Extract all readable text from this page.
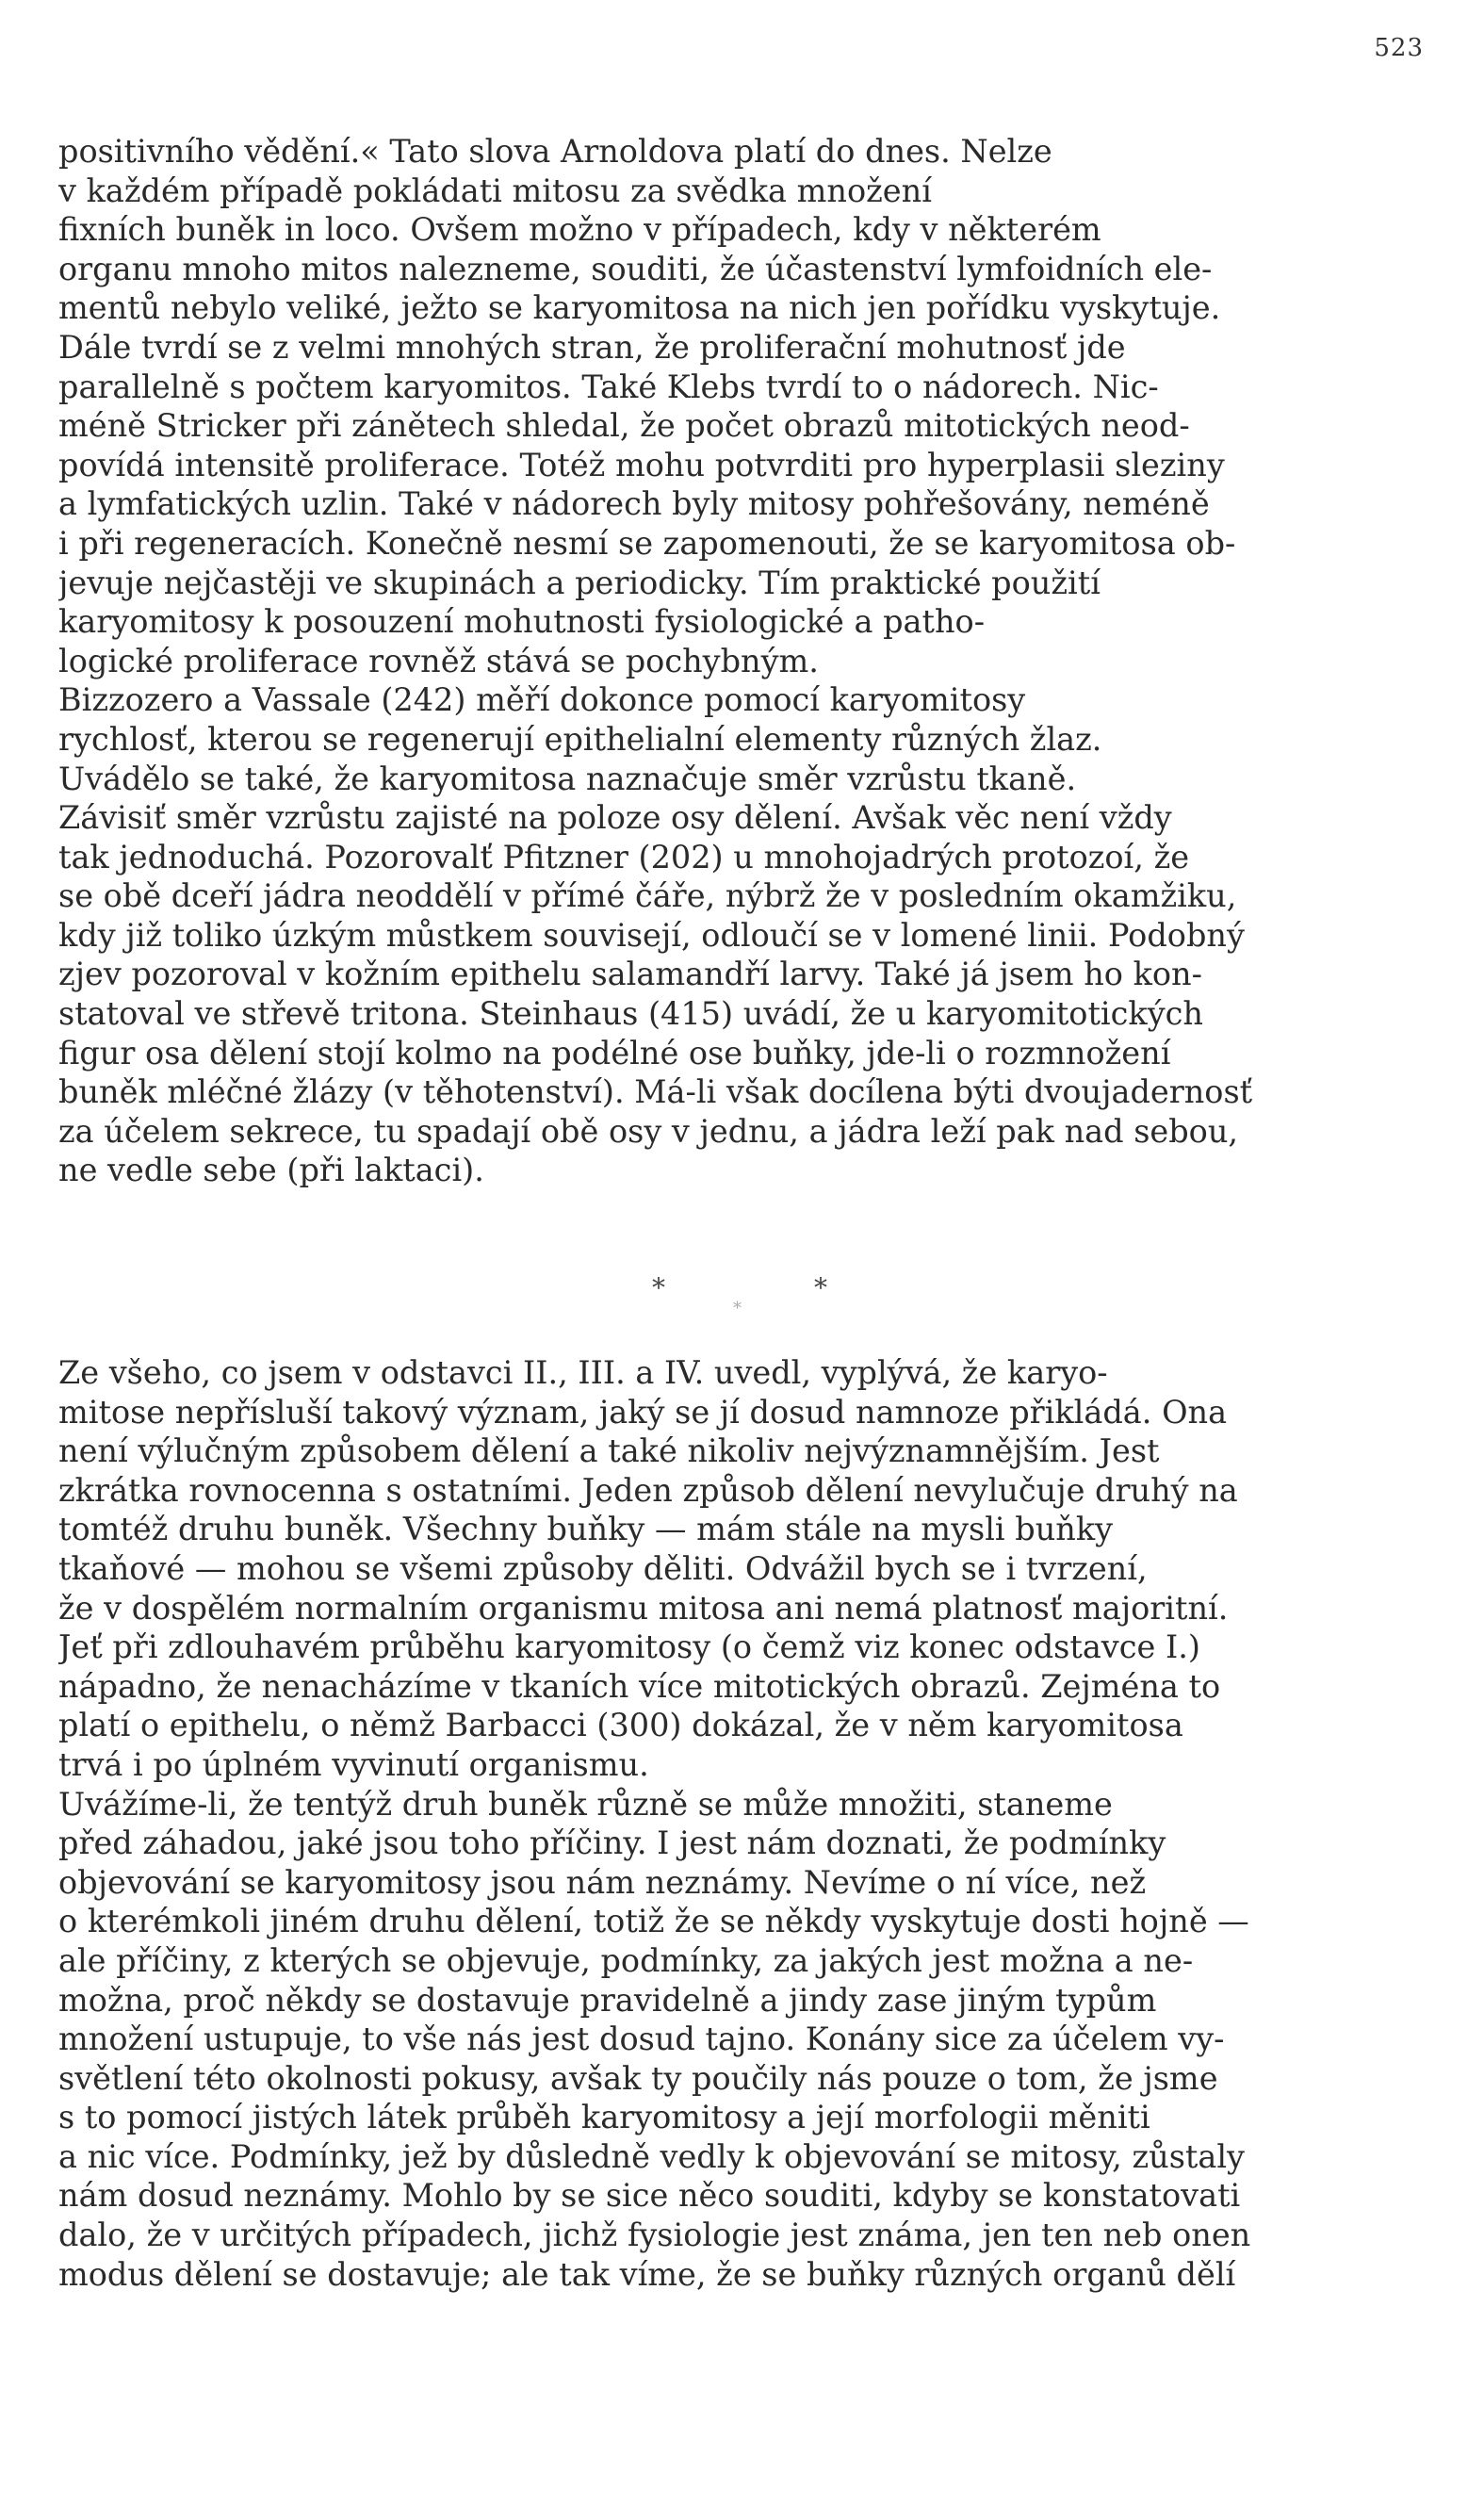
523
positivního vědění.« Tato slova Arnoldova platí do dnes. Nelze
v každém případě pokládati mitosu za svědka množení
fixních buněk in loco. Ovšem možno v případech, kdy v některém
organu mnoho mitos nalezneme, souditi, že účastenství lymfoidních ele-
mentů nebylo veliké, ježto se karyomitosa na nich jen pořídku vyskytuje.
Dále tvrdí se z velmi mnohých stran, že proliferační mohutnosť jde
parallelně s počtem karyomitos. Také Klebs tvrdí to o nádorech. Nic-
méně Stricker při zánětech shledal, že počet obrazů mitotických neod-
povídá intensitě proliferace. Totéž mohu potvrditi pro hyperplasii sleziny
a lymfatických uzlin. Také v nádorech byly mitosy pohřešovány, neméně
i při regeneracích. Konečně nesmí se zapomenouti, že se karyomitosa ob-
jevuje nejčastěji ve skupinách a periodicky. Tím praktické použití
karyomitosy k posouzení mohutnosti fysiologické a patho-
logické proliferace rovněž stává se pochybným.
Bizzozero a Vassale (242) měří dokonce pomocí karyomitosy
rychlosť, kterou se regenerují epithelialní elementy různých žlaz.
Uvádělo se také, že karyomitosa naznačuje směr vzrůstu tkaně.
Závisiť směr vzrůstu zajisté na poloze osy dělení. Avšak věc není vždy
tak jednoduchá. Pozorovalť Pfitzner (202) u mnohojadrých protozoí, že
se obě dceří jádra neoddělí v přímé čáře, nýbrž že v posledním okamžiku,
kdy již toliko úzkým můstkem souvisejí, odloučí se v lomené linii. Podobný
zjev pozoroval v kožním epithelu salamandří larvy. Také já jsem ho kon-
statoval ve střevě tritona. Steinhaus (415) uvádí, že u karyomitotických
figur osa dělení stojí kolmo na podélné ose buňky, jde-li o rozmnožení
buněk mléčné žlázy (v těhotenství). Má-li však docílena býti dvoujadernosť
za účelem sekrece, tu spadají obě osy v jednu, a jádra leží pak nad sebou,
ne vedle sebe (při laktaci).
*	*
*
Ze všeho, co jsem v odstavci II., III. a IV. uvedl, vyplývá, že karyo-
mitose nepřísluší takový význam, jaký se jí dosud namnoze přikládá. Ona
není výlučným způsobem dělení a také nikoliv nejvýznamnějším. Jest
zkrátka rovnocenna s ostatními. Jeden způsob dělení nevylučuje druhý na
tomtéž druhu buněk. Všechny buňky — mám stále na mysli buňky
tkaňové — mohou se všemi způsoby děliti. Odvážil bych se i tvrzení,
že v dospělém normalním organismu mitosa ani nemá platnosť majoritní.
Jeť při zdlouhavém průběhu karyomitosy (o čemž viz konec odstavce I.)
nápadno, že nenacházíme v tkaních více mitotických obrazů. Zejména to
platí o epithelu, o němž Barbacci (300) dokázal, že v něm karyomitosa
trvá i po úplném vyvinutí organismu.
Uvážíme-li, že tentýž druh buněk různě se může množiti, staneme
před záhadou, jaké jsou toho příčiny. I jest nám doznati, že podmínky
objevování se karyomitosy jsou nám neznámy. Nevíme o ní více, než
o kterémkoli jiném druhu dělení, totiž že se někdy vyskytuje dosti hojně —
ale příčiny, z kterých se objevuje, podmínky, za jakých jest možna a ne-
možna, proč někdy se dostavuje pravidelně a jindy zase jiným typům
množení ustupuje, to vše nás jest dosud tajno. Konány sice za účelem vy-
světlení této okolnosti pokusy, avšak ty poučily nás pouze o tom, že jsme
s to pomocí jistých látek průběh karyomitosy a její morfologii měniti
a nic více. Podmínky, jež by důsledně vedly k objevování se mitosy, zůstaly
nám dosud neznámy. Mohlo by se sice něco souditi, kdyby se konstatovati
dalo, že v určitých případech, jichž fysiologie jest známa, jen ten neb onen
modus dělení se dostavuje; ale tak víme, že se buňky různých organů dělí
